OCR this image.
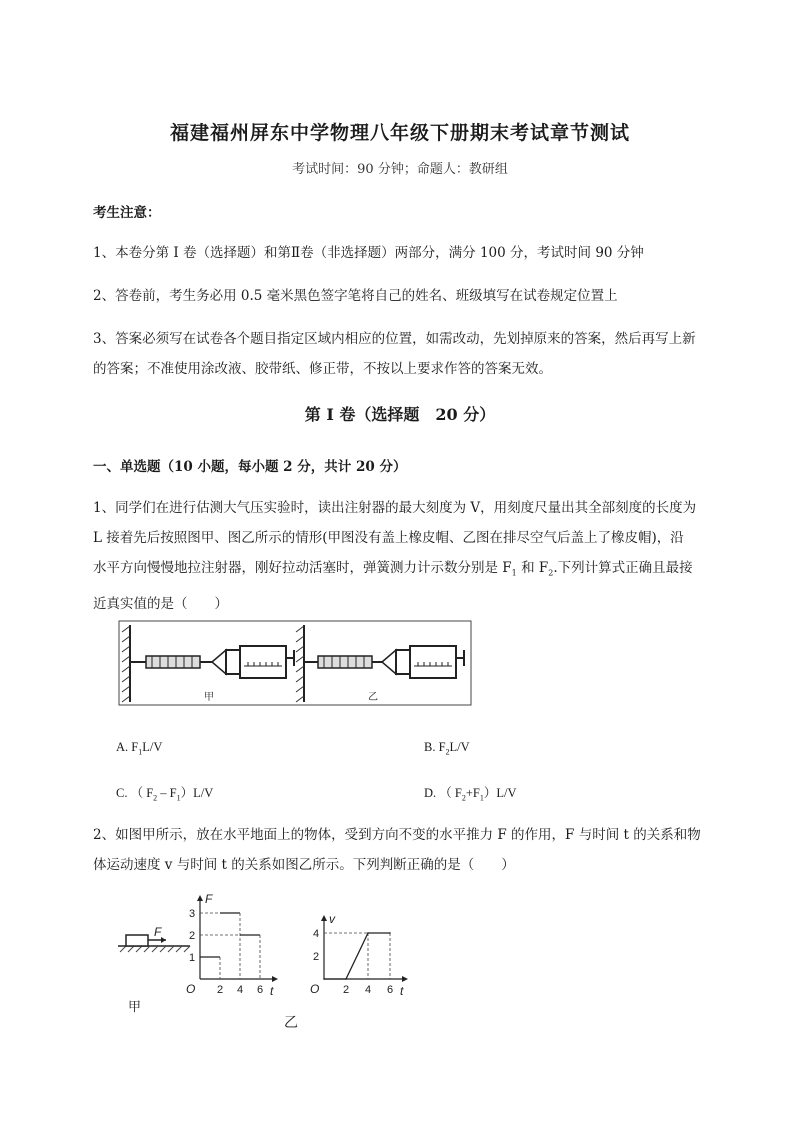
福建福州屏东中学物理八年级下册期末考试章节测试
考试时间：90 分钟；命题人：教研组
考生注意：
1、本卷分第 I 卷（选择题）和第Ⅱ卷（非选择题）两部分，满分 100 分，考试时间 90 分钟
2、答卷前，考生务必用 0.5 毫米黑色签字笔将自己的姓名、班级填写在试卷规定位置上
3、答案必须写在试卷各个题目指定区域内相应的位置，如需改动，先划掉原来的答案，然后再写上新的答案；不准使用涂改液、胶带纸、修正带，不按以上要求作答的答案无效。
第 I 卷（选择题　20 分）
一、单选题（10 小题，每小题 2 分，共计 20 分）
1、同学们在进行估测大气压实验时，读出注射器的最大刻度为 V，用刻度尺量出其全部刻度的长度为
L 接着先后按照图甲、图乙所示的情形(甲图没有盖上橡皮帽、乙图在排尽空气后盖上了橡皮帽)，沿
水平方向慢慢地拉注射器，刚好拉动活塞时，弹簧测力计示数分别是 $F_1$ 和 $F_2$.下列计算式正确且最接
近真实值的是（　　）
甲	乙
A. $F_1L/V$	B. $F_2L/V$
C. （ $F_2 - F_1)L/V$	D. （ $F_2+F_1)L/V$
2、如图甲所示，放在水平地面上的物体，受到方向不变的水平推力 F 的作用，F 与时间 t 的关系和物
体运动速度 v 与时间 t 的关系如图乙所示。下列判断正确的是（　　）
F
甲
O	t
F
2 4 6
1
2
3
O	t
v
2 4 6
2
4
乙
